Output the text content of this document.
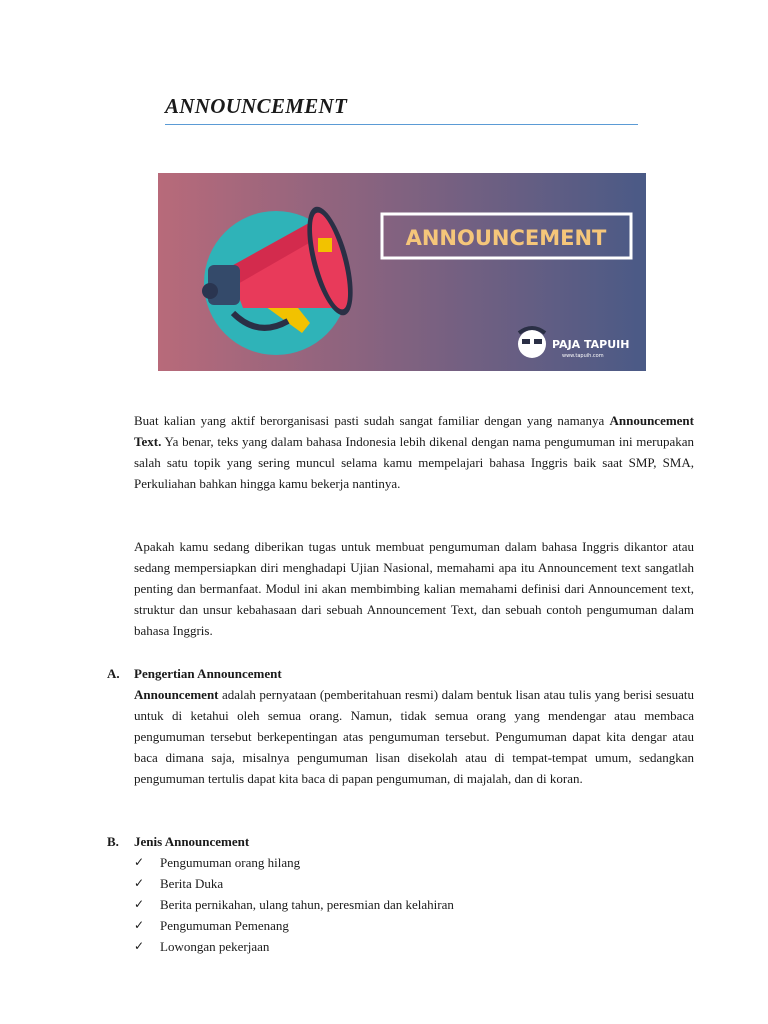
ANNOUNCEMENT
ANNOUNCEMENT
PAJA TAPUIH
www.tapuih.com
Buat kalian yang aktif berorganisasi pasti sudah sangat familiar dengan yang namanya Announcement Text. Ya benar, teks yang dalam bahasa Indonesia lebih dikenal dengan nama pengumuman ini merupakan salah satu topik yang sering muncul selama kamu mempelajari bahasa Inggris baik saat SMP, SMA, Perkuliahan bahkan hingga kamu bekerja nantinya.
Apakah kamu sedang diberikan tugas untuk membuat pengumuman dalam bahasa Inggris dikantor atau sedang mempersiapkan diri menghadapi Ujian Nasional, memahami apa itu Announcement text sangatlah penting dan bermanfaat. Modul ini akan membimbing kalian memahami definisi dari Announcement text, struktur dan unsur kebahasaan dari sebuah Announcement Text, dan sebuah contoh pengumuman dalam bahasa Inggris.
A. Pengertian Announcement
Announcement adalah pernyataan (pemberitahuan resmi) dalam bentuk lisan atau tulis yang berisi sesuatu untuk di ketahui oleh semua orang. Namun, tidak semua orang yang mendengar atau membaca pengumuman tersebut berkepentingan atas pengumuman tersebut. Pengumuman dapat kita dengar atau baca dimana saja, misalnya pengumuman lisan disekolah atau di tempat-tempat umum, sedangkan pengumuman tertulis dapat kita baca di papan pengumuman, di majalah, dan di koran.
B. Jenis Announcement
✓	Pengumuman orang hilang
✓	Berita Duka
✓	Berita pernikahan, ulang tahun, peresmian dan kelahiran
✓	Pengumuman Pemenang
✓	Lowongan pekerjaan
